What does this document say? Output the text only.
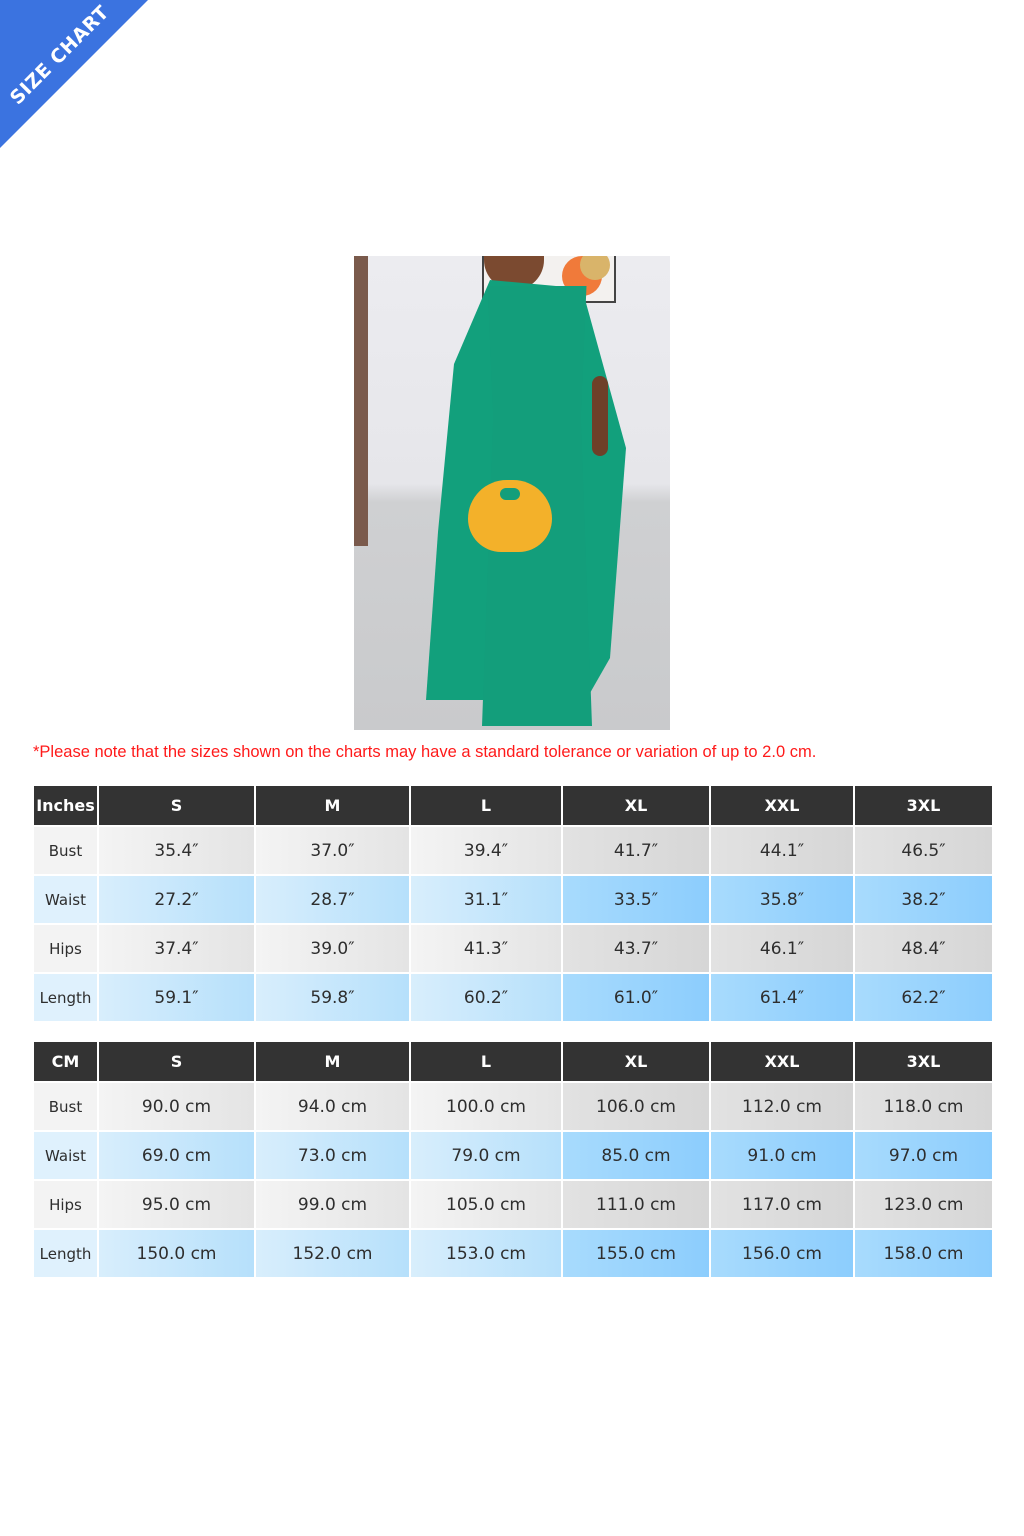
SIZE CHART
*Please note that the sizes shown on the charts may have a standard tolerance or variation of up to 2.0 cm.
Inches	S	M	L	XL	XXL	3XL
Bust	35.4″	37.0″	39.4″	41.7″	44.1″	46.5″
Waist	27.2″	28.7″	31.1″	33.5″	35.8″	38.2″
Hips	37.4″	39.0″	41.3″	43.7″	46.1″	48.4″
Length	59.1″	59.8″	60.2″	61.0″	61.4″	62.2″
CM	S	M	L	XL	XXL	3XL
Bust	90.0 cm	94.0 cm	100.0 cm	106.0 cm	112.0 cm	118.0 cm
Waist	69.0 cm	73.0 cm	79.0 cm	85.0 cm	91.0 cm	97.0 cm
Hips	95.0 cm	99.0 cm	105.0 cm	111.0 cm	117.0 cm	123.0 cm
Length	150.0 cm	152.0 cm	153.0 cm	155.0 cm	156.0 cm	158.0 cm
